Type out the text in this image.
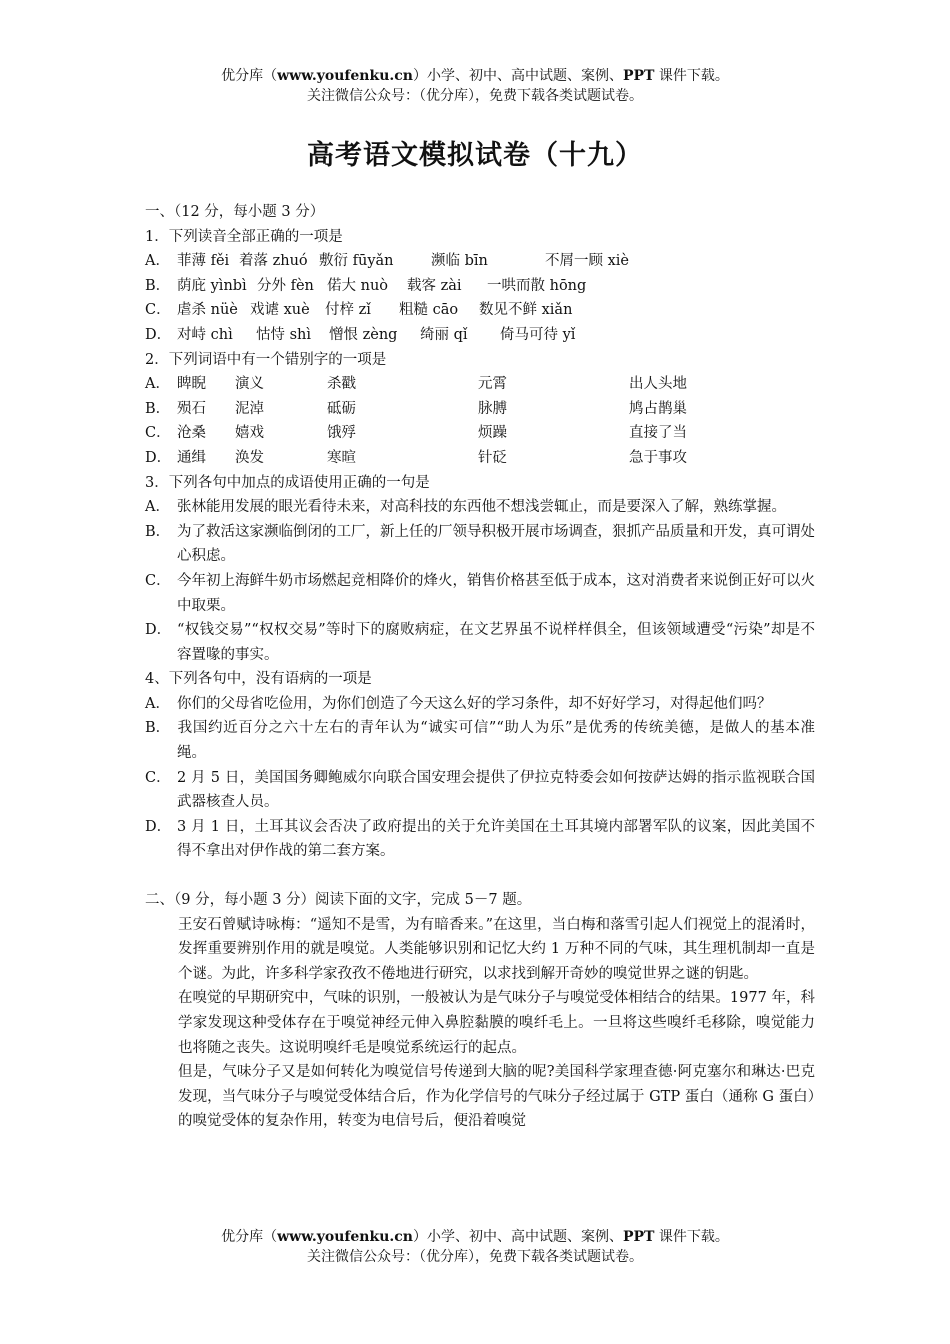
优分库（www.youfenku.cn）小学、初中、高中试题、案例、PPT 课件下载。
关注微信公众号：（优分库），免费下载各类试题试卷。
高考语文模拟试卷（十九）
一、（12 分，每小题 3 分）
1．下列读音全部正确的一项是
A． 菲薄 fěi 着落 zhuó 敷衍 fūyǎn	濒临 bīn	不屑一顾 xiè
B． 荫庇 yìnbì 分外 fèn 偌大 nuò	载客 zài	一哄而散 hōng
C． 虐杀 nüè 戏谑 xuè	付梓 zǐ	粗糙 cāo	数见不鲜 xiǎn
D． 对峙 chì	怙恃 shì	憎恨 zèng	绮丽 qǐ	倚马可待 yǐ
2．下列词语中有一个错别字的一项是
A． 睥睨	演义	杀戳	元霄	出人头地
B． 殒石	泥淖	砥砺	脉膊	鸠占鹊巢
C． 沧桑	嬉戏	饿殍	烦躁	直接了当
D． 通缉	涣发	寒暄	针砭	急于事攻
3．下列各句中加点的成语使用正确的一句是
A． 张林能用发展的眼光看待未来，对高科技的东西他不想浅尝辄止，而是要深入了解，熟练掌握。
B． 为了救活这家濒临倒闭的工厂，新上任的厂领导积极开展市场调查，狠抓产品质量和开发，真可谓处心积虑。
C． 今年初上海鲜牛奶市场燃起竞相降价的烽火，销售价格甚至低于成本，这对消费者来说倒正好可以火中取栗。
D． “权钱交易”“权权交易”等时下的腐败病症，在文艺界虽不说样样俱全，但该领域遭受“污染”却是不容置喙的事实。
4、下列各句中，没有语病的一项是
A． 你们的父母省吃俭用，为你们创造了今天这么好的学习条件，却不好好学习，对得起他们吗？
B． 我国约近百分之六十左右的青年认为“诚实可信”“助人为乐”是优秀的传统美德，是做人的基本准绳。
C． 2 月 5 日，美国国务卿鲍威尔向联合国安理会提供了伊拉克特委会如何按萨达姆的指示监视联合国武器核查人员。
D． 3 月 1 日，土耳其议会否决了政府提出的关于允许美国在土耳其境内部署军队的议案，因此美国不得不拿出对伊作战的第二套方案。
二、（9 分，每小题 3 分）阅读下面的文字，完成 5－7 题。
王安石曾赋诗咏梅：“遥知不是雪，为有暗香来。”在这里，当白梅和落雪引起人们视觉上的混淆时，发挥重要辨别作用的就是嗅觉。人类能够识别和记忆大约 1 万种不同的气味，其生理机制却一直是个谜。为此，许多科学家孜孜不倦地进行研究，以求找到解开奇妙的嗅觉世界之谜的钥匙。
在嗅觉的早期研究中，气味的识别，一般被认为是气味分子与嗅觉受体相结合的结果。1977 年，科学家发现这种受体存在于嗅觉神经元伸入鼻腔黏膜的嗅纤毛上。一旦将这些嗅纤毛移除，嗅觉能力也将随之丧失。这说明嗅纤毛是嗅觉系统运行的起点。
但是，气味分子又是如何转化为嗅觉信号传递到大脑的呢?美国科学家理查德·阿克塞尔和琳达·巴克发现，当气味分子与嗅觉受体结合后，作为化学信号的气味分子经过属于 GTP 蛋白（通称 G 蛋白）的嗅觉受体的复杂作用，转变为电信号后，便沿着嗅觉
优分库（www.youfenku.cn）小学、初中、高中试题、案例、PPT 课件下载。
关注微信公众号：（优分库），免费下载各类试题试卷。
